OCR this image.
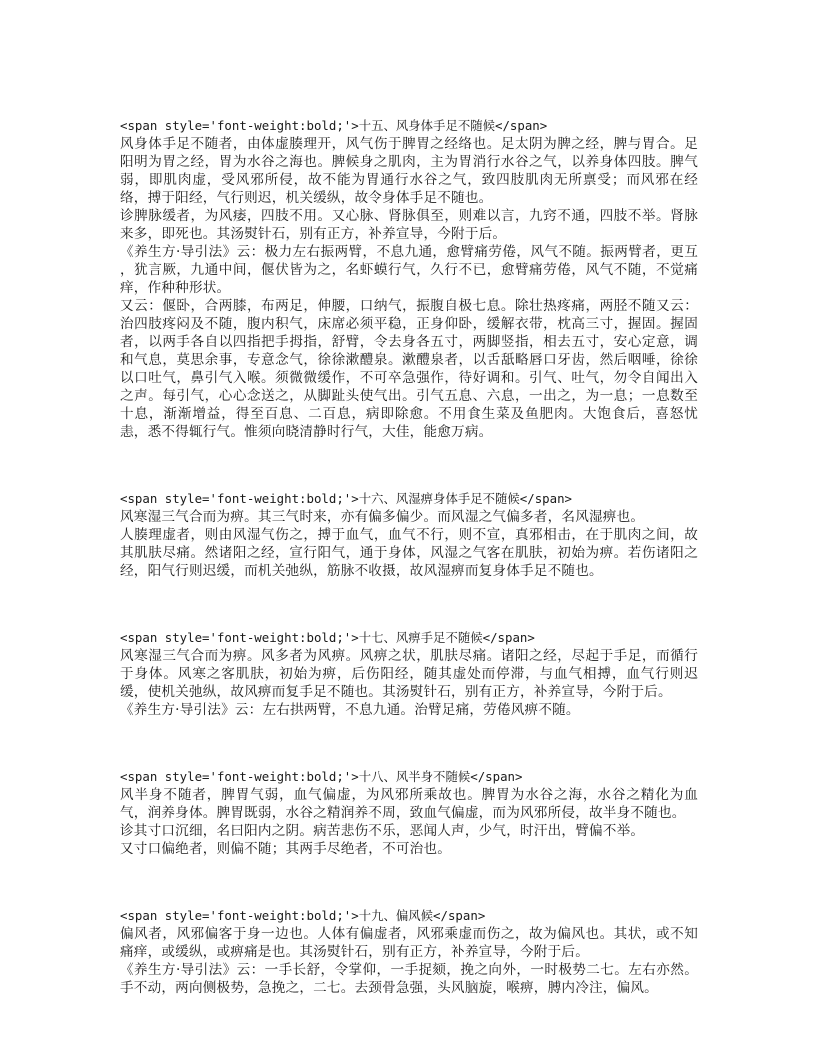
<span style='font-weight:bold;'>十五、风身体手足不随候</span>

风身体手足不随者，由体虚腠理开，风气伤于脾胃之经络也。足太阴为脾之经，脾与胃合。足阳明为胃之经，胃为水谷之海也。脾候身之肌肉，主为胃消行水谷之气，以养身体四肢。脾气弱，即肌肉虚，受风邪所侵，故不能为胃通行水谷之气，致四肢肌肉无所禀受；而风邪在经络，搏于阳经，气行则迟，机关缓纵，故令身体手足不随也。

诊脾脉缓者，为风痿，四肢不用。又心脉、肾脉俱至，则难以言，九窍不通，四肢不举。肾脉来多，即死也。其汤熨针石，别有正方，补养宣导，今附于后。

《养生方·导引法》云：极力左右振两臂，不息九通，愈臂痛劳倦，风气不随。振两臂者，更互 ，犹言厥，九通中间，偃伏皆为之，名虾蟆行气，久行不已，愈臂痛劳倦，风气不随，不觉痛痒，作种种形状。

又云：偃卧，合两膝，布两足，伸腰，口纳气，振腹自极七息。除壮热疼痛，两胫不随又云：治四肢疼闷及不随，腹内积气，床席必须平稳，正身仰卧，缓解衣带，枕高三寸，握固。握固者，以两手各自以四指把手拇指，舒臂，令去身各五寸，两脚竖指，相去五寸，安心定意，调和气息，莫思余事，专意念气，徐徐漱醴泉。漱醴泉者，以舌舐略唇口牙齿，然后咽唾，徐徐以口吐气，鼻引气入喉。须微微缓作，不可卒急强作，待好调和。引气、吐气，勿令自闻出入之声。每引气，心心念送之，从脚趾头使气出。引气五息、六息，一出之，为一息；一息数至十息，渐渐增益，得至百息、二百息，病即除愈。不用食生菜及鱼肥肉。大饱食后，喜怒忧恚，悉不得辄行气。惟须向晓清静时行气，大佳，能愈万病。

<span style='font-weight:bold;'>十六、风湿痹身体手足不随候</span>

风寒湿三气合而为痹。其三气时来，亦有偏多偏少。而风湿之气偏多者，名风湿痹也。

人腠理虚者，则由风湿气伤之，搏于血气，血气不行，则不宣，真邪相击，在于肌肉之间，故其肌肤尽痛。然诸阳之经，宣行阳气，通于身体，风湿之气客在肌肤，初始为痹。若伤诸阳之经，阳气行则迟缓，而机关弛纵，筋脉不收摄，故风湿痹而复身体手足不随也。

<span style='font-weight:bold;'>十七、风痹手足不随候</span>

风寒湿三气合而为痹。风多者为风痹。风痹之状，肌肤尽痛。诸阳之经，尽起于手足，而循行于身体。风寒之客肌肤，初始为痹，后伤阳经，随其虚处而停滞，与血气相搏，血气行则迟缓，使机关弛纵，故风痹而复手足不随也。其汤熨针石，别有正方，补养宣导，今附于后。

《养生方·导引法》云：左右拱两臂，不息九通。治臂足痛，劳倦风痹不随。

<span style='font-weight:bold;'>十八、风半身不随候</span>

风半身不随者，脾胃气弱，血气偏虚，为风邪所乘故也。脾胃为水谷之海，水谷之精化为血气，润养身体。脾胃既弱，水谷之精润养不周，致血气偏虚，而为风邪所侵，故半身不随也。

诊其寸口沉细，名曰阳内之阴。病苦悲伤不乐，恶闻人声，少气，时汗出，臂偏不举。

又寸口偏绝者，则偏不随；其两手尽绝者，不可治也。

<span style='font-weight:bold;'>十九、偏风候</span>

偏风者，风邪偏客于身一边也。人体有偏虚者，风邪乘虚而伤之，故为偏风也。其状，或不知痛痒，或缓纵，或痹痛是也。其汤熨针石，别有正方，补养宣导，今附于后。

《养生方·导引法》云：一手长舒，令掌仰，一手捉颏，挽之向外，一时极势二七。左右亦然。手不动，两向侧极势，急挽之，二七。去颈骨急强，头风脑旋，喉痹，膊内冷注，偏风。
